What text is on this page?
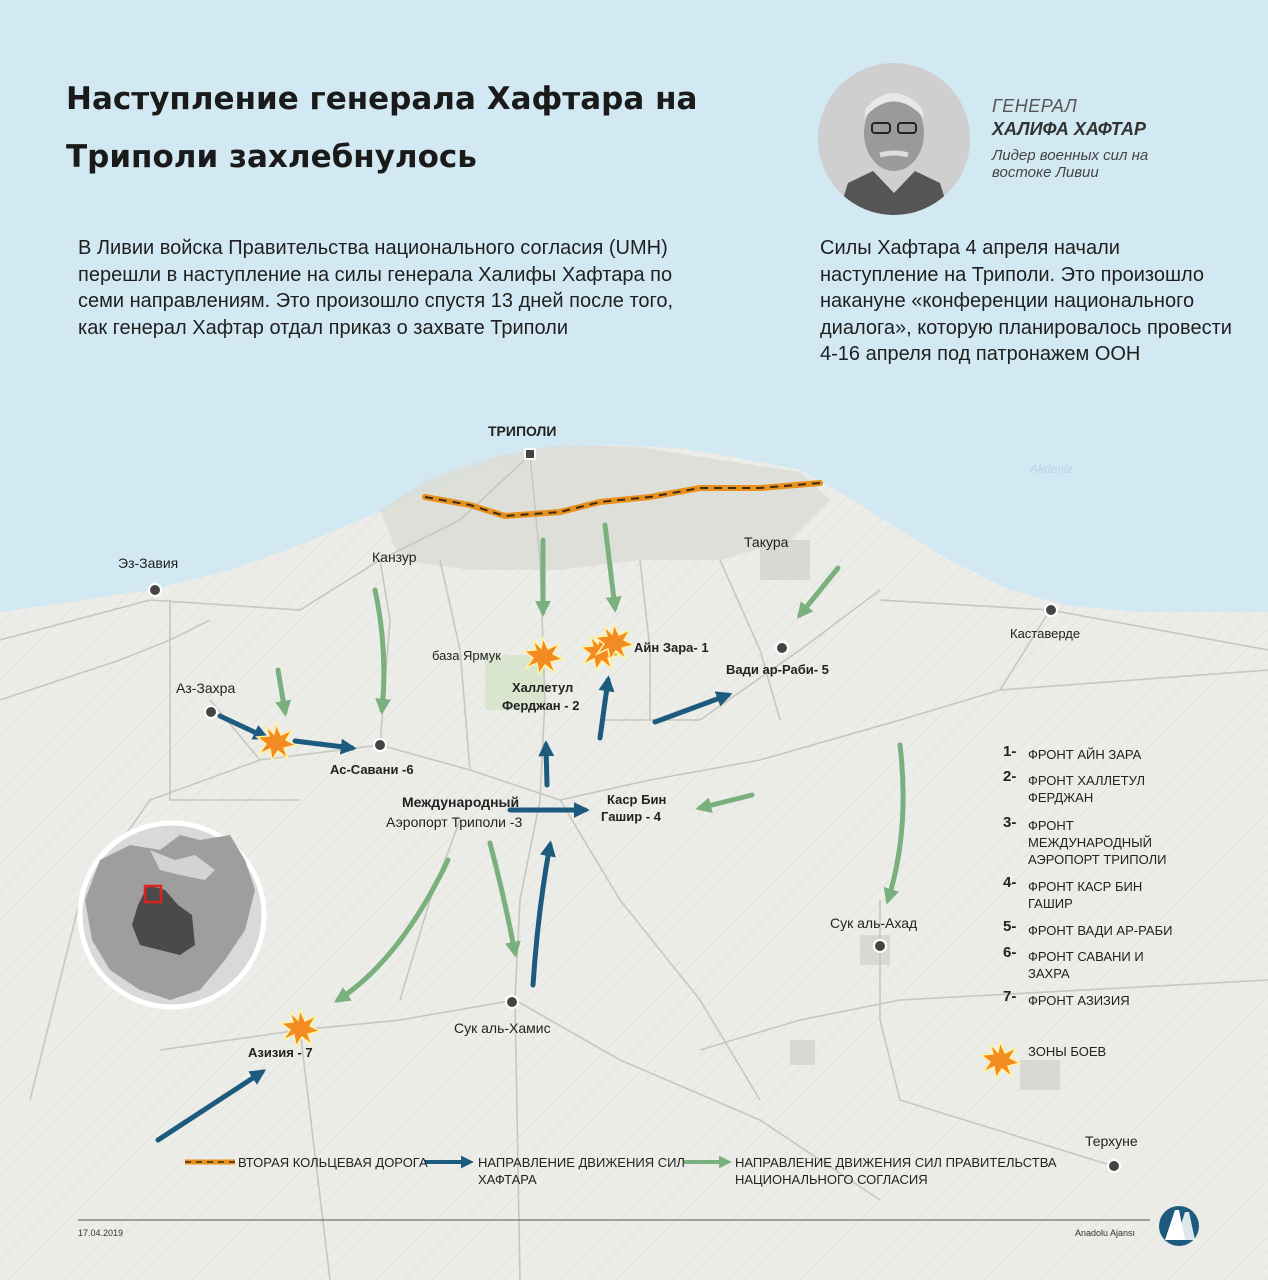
Наступление генерала Хафтара на
Триполи захлебнулось
ГЕНЕРАЛ
ХАЛИФА ХАФТАР
Лидер военных сил на востоке Ливии
В Ливии войска Правительства национального согласия (UMH) перешли в наступление на силы генерала Халифы Хафтара по семи направлениям. Это произошло спустя 13 дней после того, как генерал Хафтар отдал приказ о захвате Триполи
Силы Хафтара 4 апреля начали наступление на Триполи. Это произошло накануне «конференции национального диалога», которую планировалось провести 4-16 апреля под патронажем ООН
Akdeniz
ТРИПОЛИ
Эз-Завия	Канзур
Такура
Каставерде
база Ярмук
Айн Зара- 1
Халлетул
Ферджан - 2
Вади ар-Раби- 5
Аз-Захра
Ас-Савани -6
Международный
Аэропорт Триполи -3
Каср Бин
Гашир - 4
Сук аль-Ахад
Азизия - 7
Сук аль-Хамис
Терхуне
1- ФРОНТ АЙН ЗАРА
2- ФРОНТ ХАЛЛЕТУЛ ФЕРДЖАН
3- ФРОНТ МЕЖДУНАРОДНЫЙ АЭРОПОРТ ТРИПОЛИ
4- ФРОНТ КАСР БИН ГАШИР
5- ФРОНТ ВАДИ АР-РАБИ
6- ФРОНТ САВАНИ И ЗАХРА
7- ФРОНТ АЗИЗИЯ
ЗОНЫ БОЕВ
ВТОРАЯ КОЛЬЦЕВАЯ ДОРОГА	НАПРАВЛЕНИЕ ДВИЖЕНИЯ СИЛ ХАФТАРА
НАПРАВЛЕНИЕ ДВИЖЕНИЯ СИЛ ПРАВИТЕЛЬСТВА НАЦИОНАЛЬНОГО СОГЛАСИЯ
17.04.2019	Anadolu Ajansı
